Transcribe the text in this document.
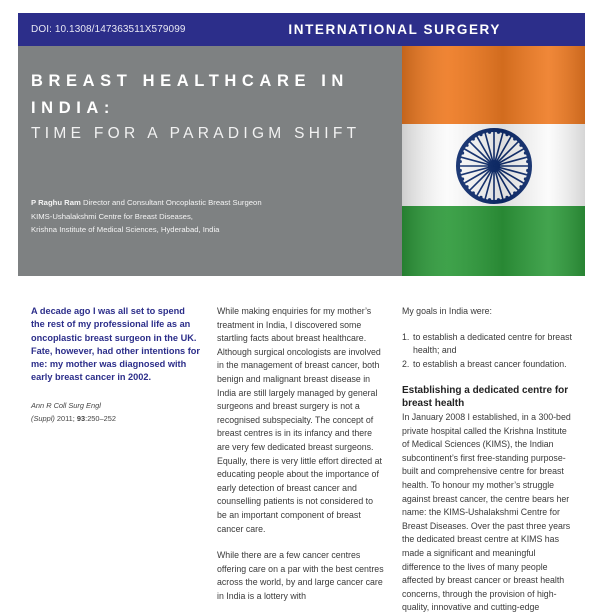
DOI: 10.1308/147363511X579099	INTERNATIONAL SURGERY
BREAST HEALTHCARE IN
INDIA:
TIME FOR A PARADIGM SHIFT
P Raghu Ram Director and Consultant Oncoplastic Breast Surgeon
KIMS-Ushalakshmi Centre for Breast Diseases,
Krishna Institute of Medical Sciences, Hyderabad, India

A decade ago I was all set to spend the rest of my professional life as an oncoplastic breast surgeon in the UK. Fate, however, had other intentions for me: my mother was diagnosed with early breast cancer in 2002.

Ann R Coll Surg Engl
(Suppl) 2011; 93:250–252

While making enquiries for my mother’s treatment in India, I discovered some startling facts about breast healthcare. Although surgical oncologists are involved in the management of breast cancer, both benign and malignant breast disease in India are still largely managed by general surgeons and breast surgery is not a recognised subspecialty. The concept of breast centres is in its infancy and there are very few dedicated breast surgeons. Equally, there is very little effort directed at educating people about the importance of early detection of breast cancer and counselling patients is not considered to be an important component of breast cancer care.

While there are a few cancer centres offering care on a par with the best centres across the world, by and large cancer care in India is a lottery with

My goals in India were:

1. to establish a dedicated centre for breast health; and
2. to establish a breast cancer foundation.
Establishing a dedicated centre for breast health

In January 2008 I established, in a 300-bed private hospital called the Krishna Institute of Medical Sciences (KIMS), the Indian subcontinent’s first free-standing purpose-built and comprehensive centre for breast health. To honour my mother’s struggle against breast cancer, the centre bears her name: the KIMS-Ushalakshmi Centre for Breast Diseases. Over the past three years the dedicated breast centre at KIMS has made a significant and meaningful difference to the lives of many people affected by breast cancer or breast health concerns, through the provision of high-quality, innovative and cutting-edge
